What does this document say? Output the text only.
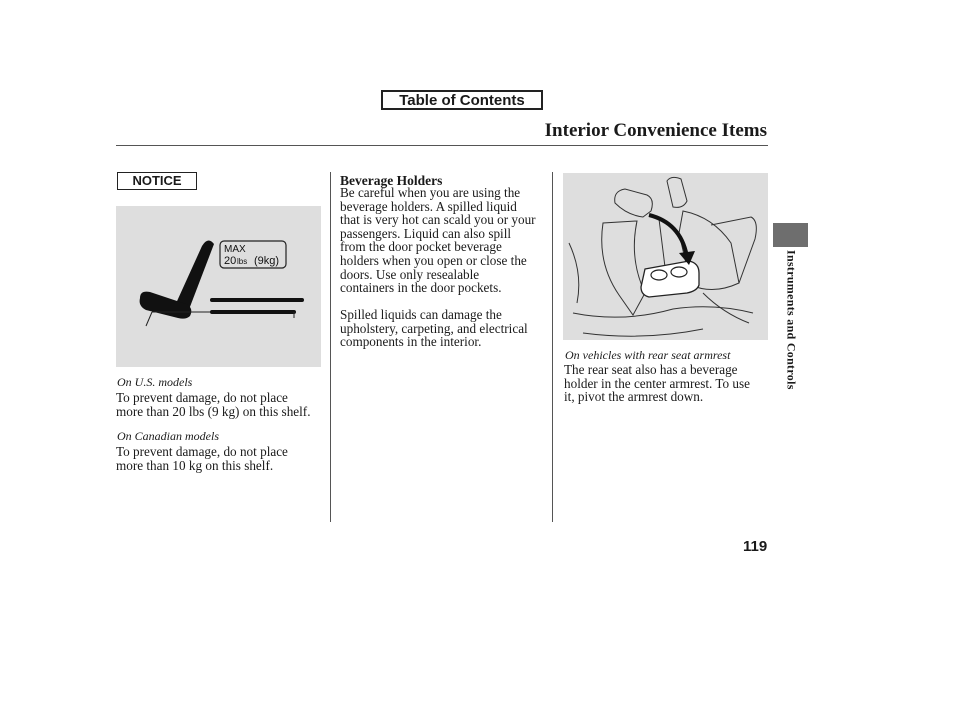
Table of Contents
Interior Convenience Items
NOTICE
MAX
20 lbs (9kg)
On U.S. models
To prevent damage, do not place
more than 20 lbs (9 kg) on this shelf.
On Canadian models
To prevent damage, do not place
more than 10 kg on this shelf.
Beverage Holders
Be careful when you are using the
beverage holders. A spilled liquid
that is very hot can scald you or your
passengers. Liquid can also spill
from the door pocket beverage
holders when you open or close the
doors. Use only resealable
containers in the door pockets.
Spilled liquids can damage the
upholstery, carpeting, and electrical
components in the interior.
On vehicles with rear seat armrest
The rear seat also has a beverage
holder in the center armrest. To use
it, pivot the armrest down.
Instruments and Controls
119
